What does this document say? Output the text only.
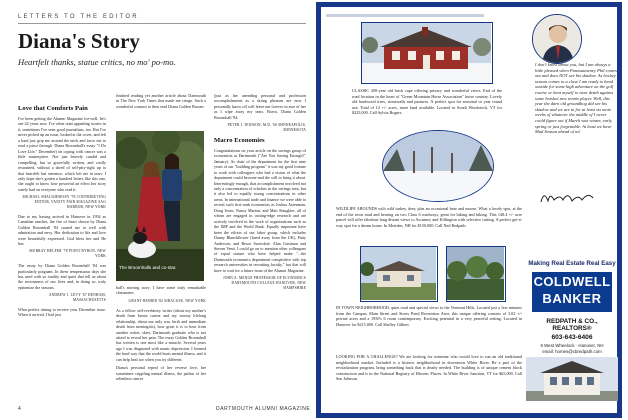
LETTERS TO THE EDITOR
Diana's Story
Heartfelt thanks, statue critics, no mo' po-mo.
Love that Comforts Pain

I've been getting the Alumni Magazine for-well, let's see-22 years now. I've often read appealing stories in it, sometimes I've seen good journalism, too. But I've never picked up an issue, looked at the cover, and felt a hard just grip me around the neck and force me to read a piece through. Diana Broomhall's essay "I Do Love Life," December) on coping with cancer was a little masterpiece. Not just bravely candid and compelling, but so gracefully written, and coolly restrained, without a shred of self-pity-right up to that heartfelt last sentence, which left me in tears. I only hope she's gotten a hundred letters like this one, she ought to know how powerful an effect her story surely had on everyone who read it.

MICHAEL SHAUGHNESSY '78 CONTRIBUTING EDITOR, VANITY FAIR MAGAZINE SAG HARBOR, NEW YORK

Due to my having arrived in Hanover in 1954 as Canadian rancher, the fire of heart shown by Diana Golden Broomhall '84 caused me to well with admiration and envy. Her dedication to life and love were beautifully expressed. God bless her and He has.

MURRAY HELFER '78 POINT BYRON, NEW YORK

The essay by Diana Golden Broomhall '84 was particularly poignant. In these tempestuous days she has used with so totality and quiet that tell us about the seriousness of our lives and, in doing so, truly epitomize the seasons.

ANDREW J. LEVY '67 DENHAM, MASSACHUSETTS

What perfect timing to receive your December issue. When it arrived, I had just

finished reading yet another article about Dartmouth in The New York Times that made me cringe. Such a wonderful contrast to then read Diana Golden Broom-

The Broomhalls and co-star.

hall's moving story. I have some truly remarkable classmates.

GRANT REIHER '82 SIRACUSE, NEW YORK

As a fellow self-revelatory writer (about my mother's death from breast cancer and my stormy lifelong relationship, about our only war, birth and immediate death from meningitis), how great it is to hear from another writer, skier, Dartmouth graduate who is not afraid to reveal her pain. The essay Golden Broomhall has written is one most like a miracle. Several years ago I was diagnosed with manic depression. I learned the hard way that the world hurts mental illness, and it can help heal too when you try different.

Diana's personal repeal of her reverse love, her sometimes crippling mental illness, the pathos of her relentless cancer

(just as her unending personal and profession accomplishments as a skiing phenom are now I personally know of) will leave me forever in awe of her as I wipe away my tears. Bravo, Diana Golden Broomhall '84.

PETER J. DODSON, M.D. '66 MINNEAPOLIS, MINNESOTA
Macro Economies

Congratulations on your article on the savings group of economists at Dartmouth ("Are You Saving Enough?" January). As chair of the department for the first nine years of our "building program" it was my good fortune to work with colleagues who had a vision of what the department could become-and the will to bring it about. Interestingly enough, that accomplishment involved not only a concentration of scholars in the savings area, but it also led to equally strong concentrations in other areas. In international trade and finance we were able to recruit such first-rank economists as Joshua Aizenman, Doug Irwin, Nancy Marion, and Matt Slaughter, all of whom are engaged in cutting-edge research and are actively involved in the work of organizations such as the IMF and the World Bank. Equally important have been the efforts of our labor group, which includes Danny Blanchflower (lured away from the UK), Patty Anderson, and Bruce Sacerdote. Alan Gustman and Steven Venti. I could go on to mention other colleagues of equal stature who have helped make "...the Dartmouth economics department competitive with top research universities in recruiting faculty," but that will have to wait for a future issue of the Alumni Magazine.

JOHN A. MENGE PROFESSOR OF ECONOMICS DARTMOUTH COLLEGE HANOVER, NEW HAMPSHIRE
4	DARTMOUTH ALUMNI MAGAZINE
CLASSIC 200-year old brick cape offering privacy and wonderful views. End of the road location in the heart of "Green Mountain Horse Association" horse country. Lovely old hardwood trees, stonewalls and pastures. A perfect spot for seasonal or year round use. Total of 12 +/- acres, more land available. Located in South Woodstock, VT for $225,000. Call Sylvia Rogers.
I don't know about you, but I am always a little pleased when Punxsutawney Phil comes out and does NOT see his shadow. As hockey season comes to a close I am ready to head outside for some high adventure on the golf course or beat myself to near death against some hotshot new tennis player. Well, this year the darn old groundhog did see his shadow and we are in for at least six more weeks of whatever the middle of I never could figure out if March was winter, early spring or just forgettable. At least we have Mud Season ahead of us!
WILDLIFE ABOUNDS with wild turkey, deer, plus an occasional bear and moose. What a lovely spot, at the end of the town road and bearing on two Class 6 roadways, great for hiking and biking. This 148.4 +/- acre parcel will offer fabulous long distant views to Ascutney and Killington with selective cutting. A perfect get-a-way spot for a dream home. In Meriden, NH for $150,000. Call Ned Redpath.
IN TOWN NEIGHBORHOOD, quiet road and special views to the Vermont Hills. Located just a few minutes from the Campus, Main Street and Storrs Pond Recreation Area, this unique offering consists of 3.02 +/- private acres and a 1950's 6 room contemporary. Exciting potential in a very peaceful setting. Located in Hanover for $215,000. Call Shelley Gilbert.
LOOKING FOR A CHALLENGE? We are looking for someone who would love to run an old traditional neighborhood market. Included is a historic neighborhood in downtown White River. Be a part of the revitalization program, bring something back that is dearly needed. The building is of unique cement block construction and is in the National Registry of Historic Places. In White River Junction, VT for $65,000. Call Sue Johnson.
Making Real Estate Real Easy
COLDWELL
BANKER
REDPATH & CO., REALTORS®
603-643-6406
6 West Wheelock · Hanover, NH
email: homes@cbredpath.com
